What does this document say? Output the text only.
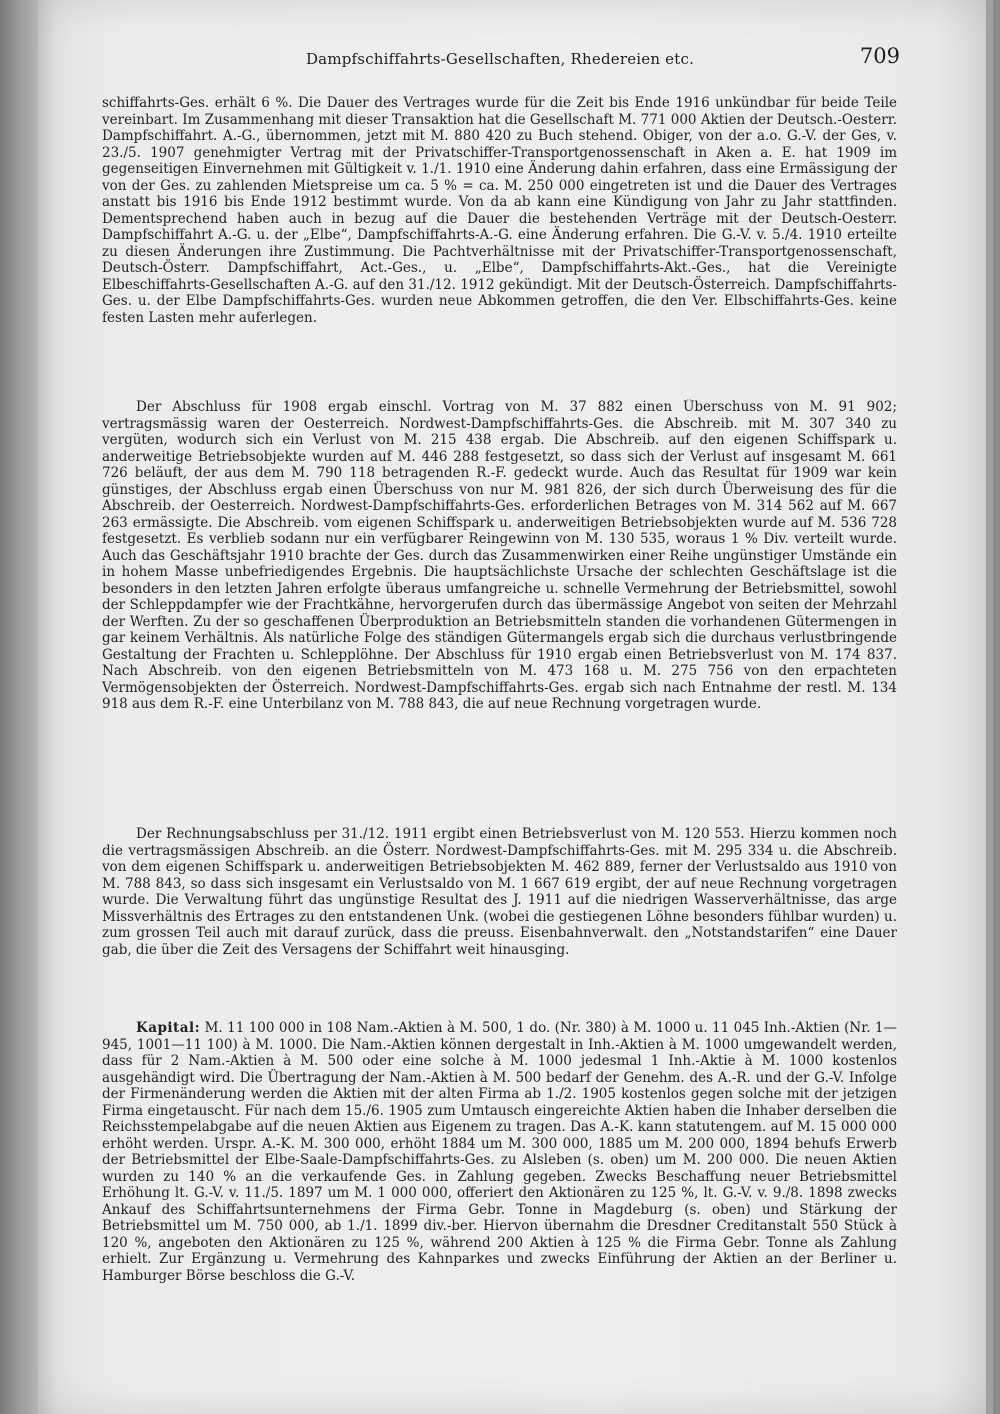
Dampfschiffahrts-Gesellschaften, Rhedereien etc.	709

schiffahrts-Ges. erhält 6 %. Die Dauer des Vertrages wurde für die Zeit bis Ende 1916 unkündbar für beide Teile vereinbart. Im Zusammenhang mit dieser Transaktion hat die Gesellschaft M. 771 000 Aktien der Deutsch.-Oesterr. Dampfschiffahrt. A.-G., übernommen, jetzt mit M. 880 420 zu Buch stehend. Obiger, von der a.o. G.-V. der Ges, v. 23./5. 1907 genehmigter Vertrag mit der Privatschiffer-Transportgenossenschaft in Aken a. E. hat 1909 im gegenseitigen Einvernehmen mit Gültigkeit v. 1./1. 1910 eine Änderung dahin erfahren, dass eine Ermässigung der von der Ges. zu zahlenden Mietspreise um ca. 5 % = ca. M. 250 000 eingetreten ist und die Dauer des Vertrages anstatt bis 1916 bis Ende 1912 bestimmt wurde. Von da ab kann eine Kündigung von Jahr zu Jahr stattfinden. Dementsprechend haben auch in bezug auf die Dauer die bestehenden Verträge mit der Deutsch-Oesterr. Dampfschiffahrt A.-G. u. der „Elbe“, Dampfschiffahrts-A.-G. eine Änderung erfahren. Die G.-V. v. 5./4. 1910 erteilte zu diesen Änderungen ihre Zustimmung. Die Pachtverhältnisse mit der Privatschiffer-Transportgenossenschaft, Deutsch-Österr. Dampfschiffahrt, Act.-Ges., u. „Elbe“, Dampfschiffahrts-Akt.-Ges., hat die Vereinigte Elbeschiffahrts-Gesellschaften A.-G. auf den 31./12. 1912 gekündigt. Mit der Deutsch-Österreich. Dampfschiffahrts-Ges. u. der Elbe Dampfschiffahrts-Ges. wurden neue Abkommen getroffen, die den Ver. Elbschiffahrts-Ges. keine festen Lasten mehr auferlegen.

Der Abschluss für 1908 ergab einschl. Vortrag von M. 37 882 einen Überschuss von M. 91 902; vertragsmässig waren der Oesterreich. Nordwest-Dampfschiffahrts-Ges. die Abschreib. mit M. 307 340 zu vergüten, wodurch sich ein Verlust von M. 215 438 ergab. Die Abschreib. auf den eigenen Schiffspark u. anderweitige Betriebsobjekte wurden auf M. 446 288 festgesetzt, so dass sich der Verlust auf insgesamt M. 661 726 beläuft, der aus dem M. 790 118 betragenden R.-F. gedeckt wurde. Auch das Resultat für 1909 war kein günstiges, der Abschluss ergab einen Überschuss von nur M. 981 826, der sich durch Überweisung des für die Abschreib. der Oesterreich. Nordwest-Dampfschiffahrts-Ges. erforderlichen Betrages von M. 314 562 auf M. 667 263 ermässigte. Die Abschreib. vom eigenen Schiffspark u. anderweitigen Betriebsobjekten wurde auf M. 536 728 festgesetzt. Es verblieb sodann nur ein verfügbarer Reingewinn von M. 130 535, woraus 1 % Div. verteilt wurde. Auch das Geschäftsjahr 1910 brachte der Ges. durch das Zusammenwirken einer Reihe ungünstiger Umstände ein in hohem Masse unbefriedigendes Ergebnis. Die hauptsächlichste Ursache der schlechten Geschäftslage ist die besonders in den letzten Jahren erfolgte überaus umfangreiche u. schnelle Vermehrung der Betriebsmittel, sowohl der Schleppdampfer wie der Frachtkähne, hervorgerufen durch das übermässige Angebot von seiten der Mehrzahl der Werften. Zu der so geschaffenen Überproduktion an Betriebsmitteln standen die vorhandenen Gütermengen in gar keinem Verhältnis. Als natürliche Folge des ständigen Gütermangels ergab sich die durchaus verlustbringende Gestaltung der Frachten u. Schlepplöhne. Der Abschluss für 1910 ergab einen Betriebsverlust von M. 174 837. Nach Abschreib. von den eigenen Betriebsmitteln von M. 473 168 u. M. 275 756 von den erpachteten Vermögensobjekten der Österreich. Nordwest-Dampfschiffahrts-Ges. ergab sich nach Entnahme der restl. M. 134 918 aus dem R.-F. eine Unterbilanz von M. 788 843, die auf neue Rechnung vorgetragen wurde.

Der Rechnungsabschluss per 31./12. 1911 ergibt einen Betriebsverlust von M. 120 553. Hierzu kommen noch die vertragsmässigen Abschreib. an die Österr. Nordwest-Dampfschiffahrts-Ges. mit M. 295 334 u. die Abschreib. von dem eigenen Schiffspark u. anderweitigen Betriebsobjekten M. 462 889, ferner der Verlustsaldo aus 1910 von M. 788 843, so dass sich insgesamt ein Verlustsaldo von M. 1 667 619 ergibt, der auf neue Rechnung vorgetragen wurde. Die Verwaltung führt das ungünstige Resultat des J. 1911 auf die niedrigen Wasserverhältnisse, das arge Missverhältnis des Ertrages zu den entstandenen Unk. (wobei die gestiegenen Löhne besonders fühlbar wurden) u. zum grossen Teil auch mit darauf zurück, dass die preuss. Eisenbahnverwalt. den „Notstandstarifen“ eine Dauer gab, die über die Zeit des Versagens der Schiffahrt weit hinausging.

Kapital: M. 11 100 000 in 108 Nam.-Aktien à M. 500, 1 do. (Nr. 380) à M. 1000 u. 11 045 Inh.-Aktien (Nr. 1—945, 1001—11 100) à M. 1000. Die Nam.-Aktien können dergestalt in Inh.-Aktien à M. 1000 umgewandelt werden, dass für 2 Nam.-Aktien à M. 500 oder eine solche à M. 1000 jedesmal 1 Inh.-Aktie à M. 1000 kostenlos ausgehändigt wird. Die Übertragung der Nam.-Aktien à M. 500 bedarf der Genehm. des A.-R. und der G.-V. Infolge der Firmenänderung werden die Aktien mit der alten Firma ab 1./2. 1905 kostenlos gegen solche mit der jetzigen Firma eingetauscht. Für nach dem 15./6. 1905 zum Umtausch eingereichte Aktien haben die Inhaber derselben die Reichsstempelabgabe auf die neuen Aktien aus Eigenem zu tragen. Das A.-K. kann statutengem. auf M. 15 000 000 erhöht werden. Urspr. A.-K. M. 300 000, erhöht 1884 um M. 300 000, 1885 um M. 200 000, 1894 behufs Erwerb der Betriebsmittel der Elbe-Saale-Dampfschiffahrts-Ges. zu Alsleben (s. oben) um M. 200 000. Die neuen Aktien wurden zu 140 % an die verkaufende Ges. in Zahlung gegeben. Zwecks Beschaffung neuer Betriebsmittel Erhöhung lt. G.-V. v. 11./5. 1897 um M. 1 000 000, offeriert den Aktionären zu 125 %, lt. G.-V. v. 9./8. 1898 zwecks Ankauf des Schiffahrtsunternehmens der Firma Gebr. Tonne in Magdeburg (s. oben) und Stärkung der Betriebsmittel um M. 750 000, ab 1./1. 1899 div.-ber. Hiervon übernahm die Dresdner Creditanstalt 550 Stück à 120 %, angeboten den Aktionären zu 125 %, während 200 Aktien à 125 % die Firma Gebr. Tonne als Zahlung erhielt. Zur Ergänzung u. Vermehrung des Kahnparkes und zwecks Einführung der Aktien an der Berliner u. Hamburger Börse beschloss die G.-V.
